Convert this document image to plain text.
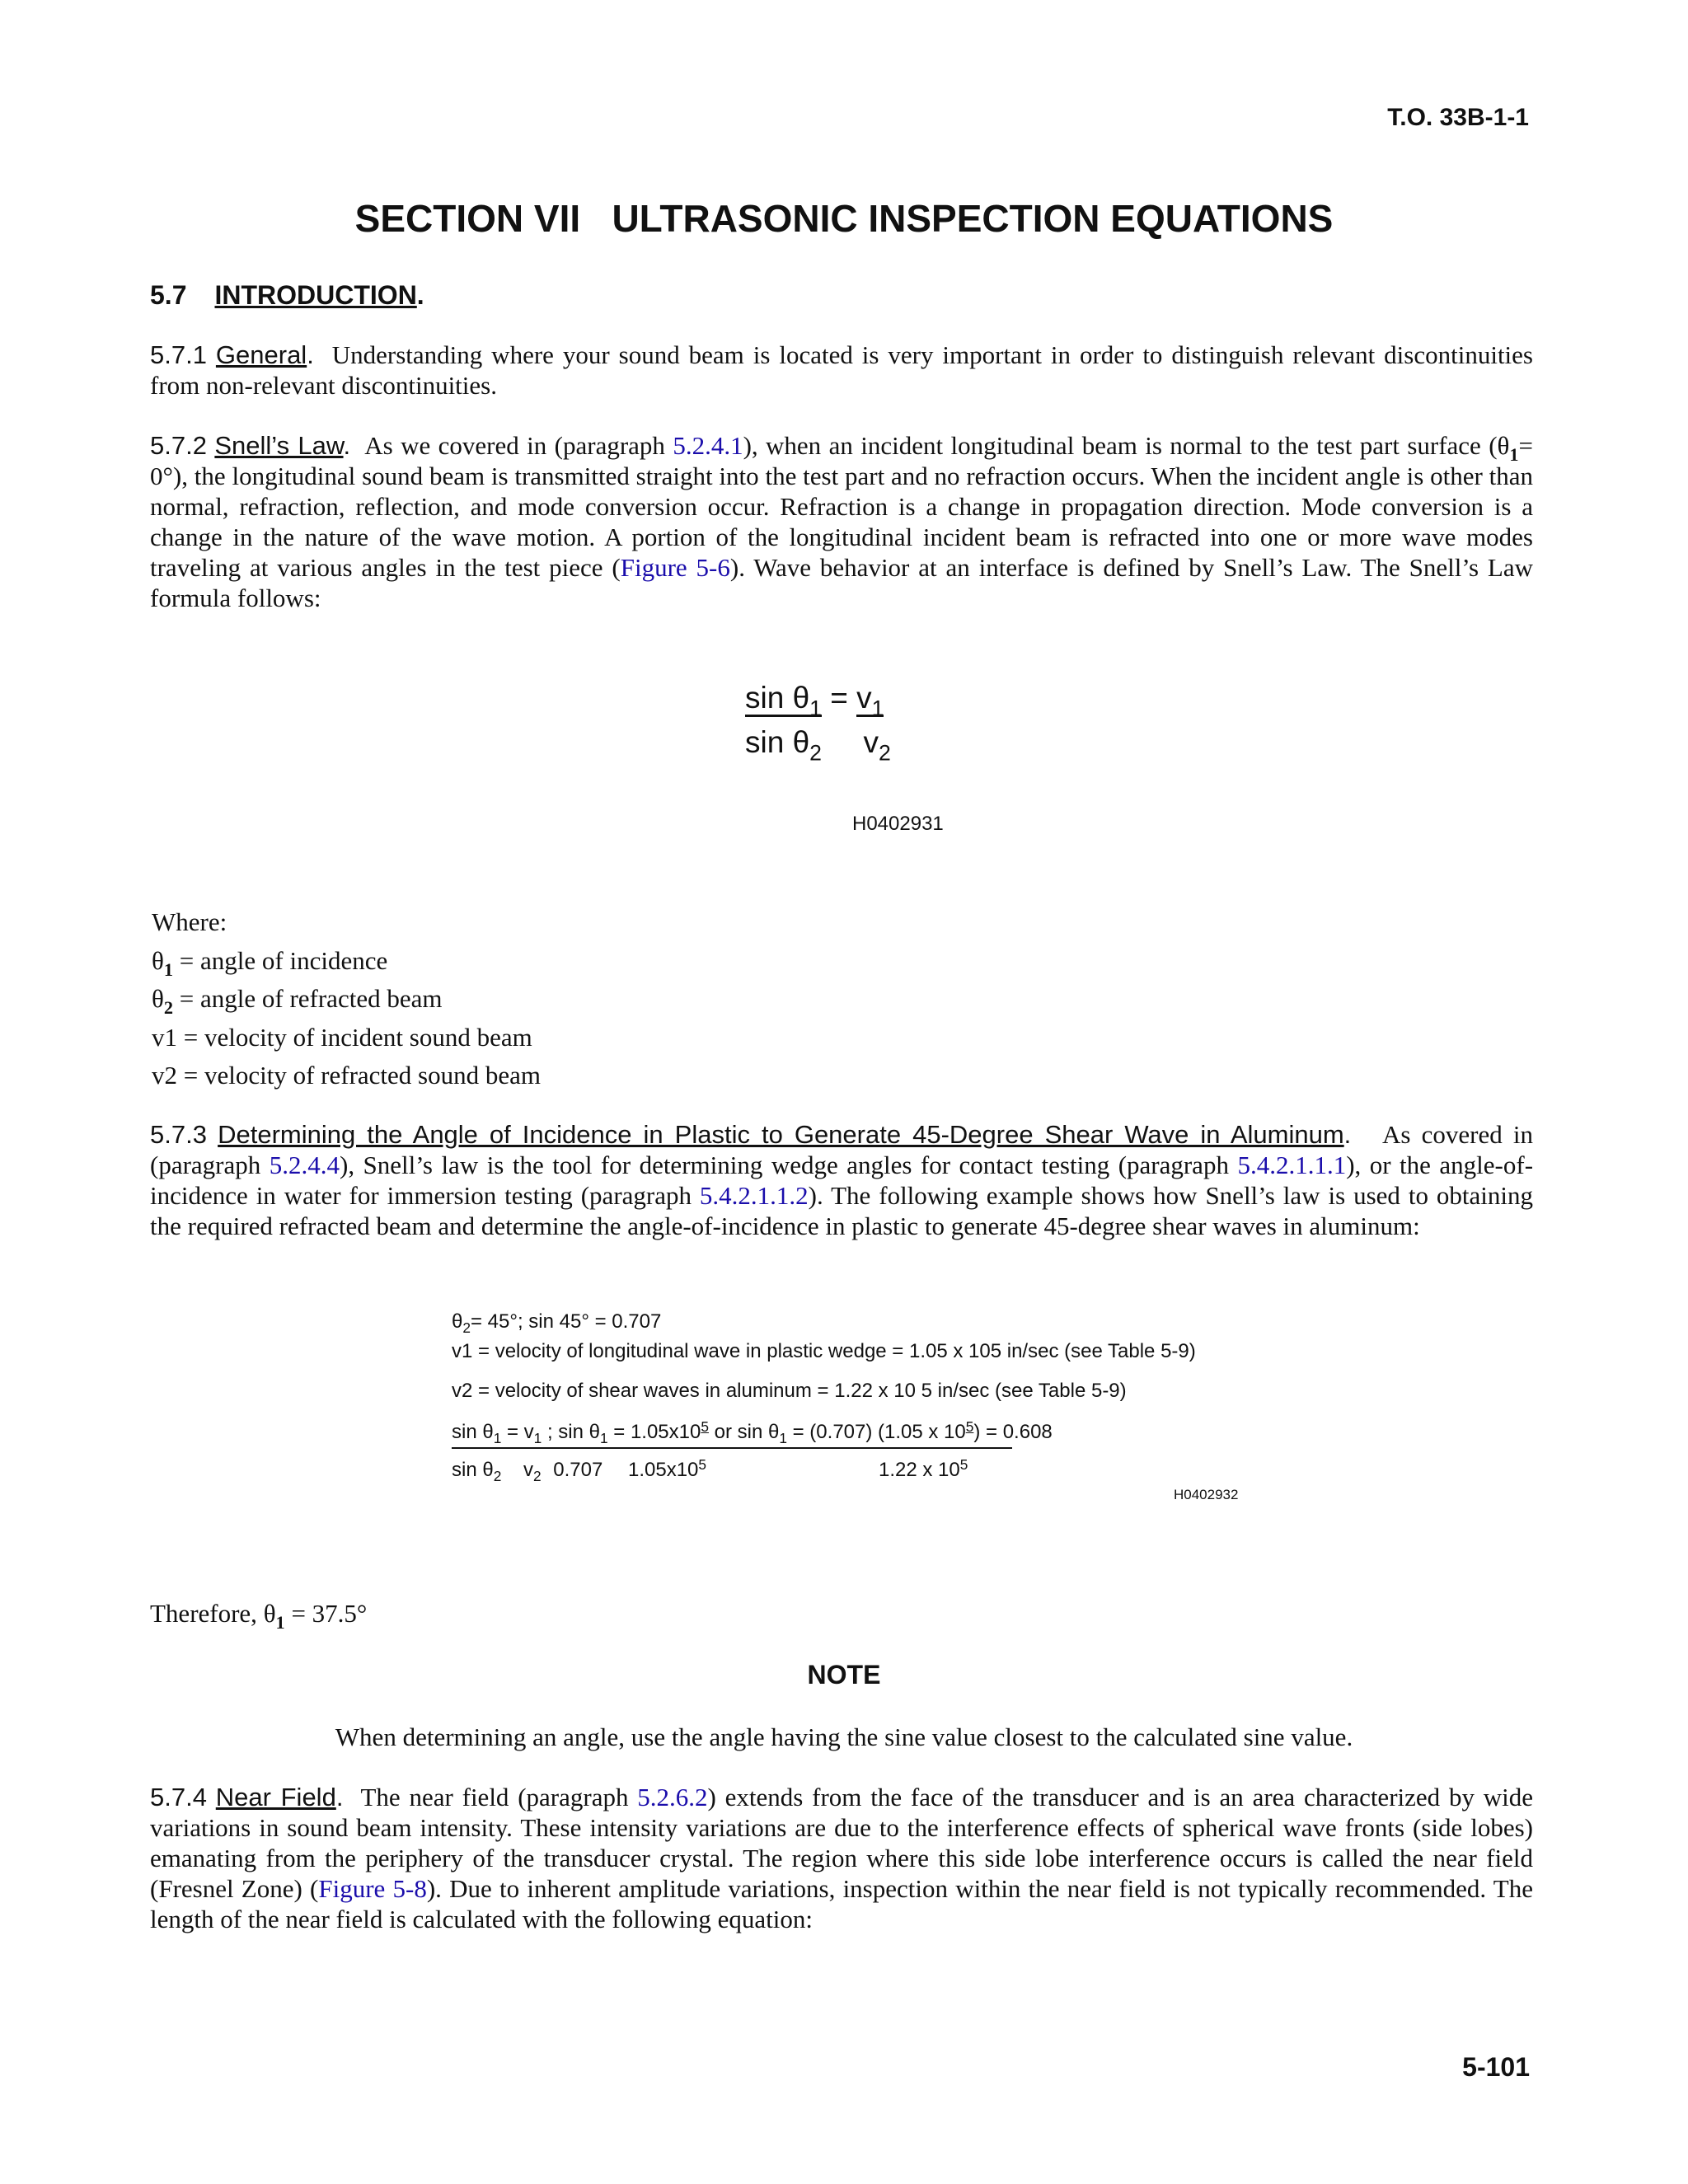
T.O. 33B-1-1
SECTION VII   ULTRASONIC INSPECTION EQUATIONS
5.7 INTRODUCTION.
5.7.1 General. Understanding where your sound beam is located is very important in order to distinguish relevant discontinuities from non-relevant discontinuities.
5.7.2 Snell’s Law. As we covered in (paragraph 5.2.4.1), when an incident longitudinal beam is normal to the test part surface $(\theta_1= 0^\circ)$, the longitudinal sound beam is transmitted straight into the test part and no refraction occurs. When the incident angle is other than normal, refraction, reflection, and mode conversion occur. Refraction is a change in propagation direction. Mode conversion is a change in the nature of the wave motion. A portion of the longitudinal incident beam is refracted into one or more wave modes traveling at various angles in the test piece (Figure 5-6). Wave behavior at an interface is defined by Snell’s Law. The Snell’s Law formula follows:
$\sin \theta_1 = v_1$
$\sin \theta_2$ $v_2$
H0402931
Where:
$\theta_1$ = angle of incidence
$\theta_2$ = angle of refracted beam
v1 = velocity of incident sound beam
v2 = velocity of refracted sound beam
5.7.3 Determining the Angle of Incidence in Plastic to Generate 45-Degree Shear Wave in Aluminum. As covered in (paragraph 5.2.4.4), Snell’s law is the tool for determining wedge angles for contact testing (paragraph 5.4.2.1.1.1), or the angle-of-incidence in water for immersion testing (paragraph 5.4.2.1.1.2). The following example shows how Snell’s law is used to obtaining the required refracted beam and determine the angle-of-incidence in plastic to generate 45-degree shear waves in aluminum:
$\theta_2= 45^\circ$; sin 45° = 0.707
v1 = velocity of longitudinal wave in plastic wedge = 1.05 x 105 in/sec (see Table 5-9)
v2 = velocity of shear waves in aluminum = 1.22 x 10 5 in/sec (see Table 5-9)
$\sin \theta_1 = v_1$ ; $\sin \theta_1 = 1.05x10^5$ or $\sin \theta_1 = (0.707)$ (1.05 x $10^5) = 0.608$
$\sin \theta_2$ $v_2$ 0.707 $1.05x10^5$	1.22 x $10^5$
H0402932
Therefore, $\theta_1 = 37.5^\circ$
NOTE
When determining an angle, use the angle having the sine value closest to the calculated sine value.
5.7.4 Near Field. The near field (paragraph 5.2.6.2) extends from the face of the transducer and is an area characterized by wide variations in sound beam intensity. These intensity variations are due to the interference effects of spherical wave fronts (side lobes) emanating from the periphery of the transducer crystal. The region where this side lobe interference occurs is called the near field (Fresnel Zone) (Figure 5-8). Due to inherent amplitude variations, inspection within the near field is not typically recommended. The length of the near field is calculated with the following equation:
5-101
